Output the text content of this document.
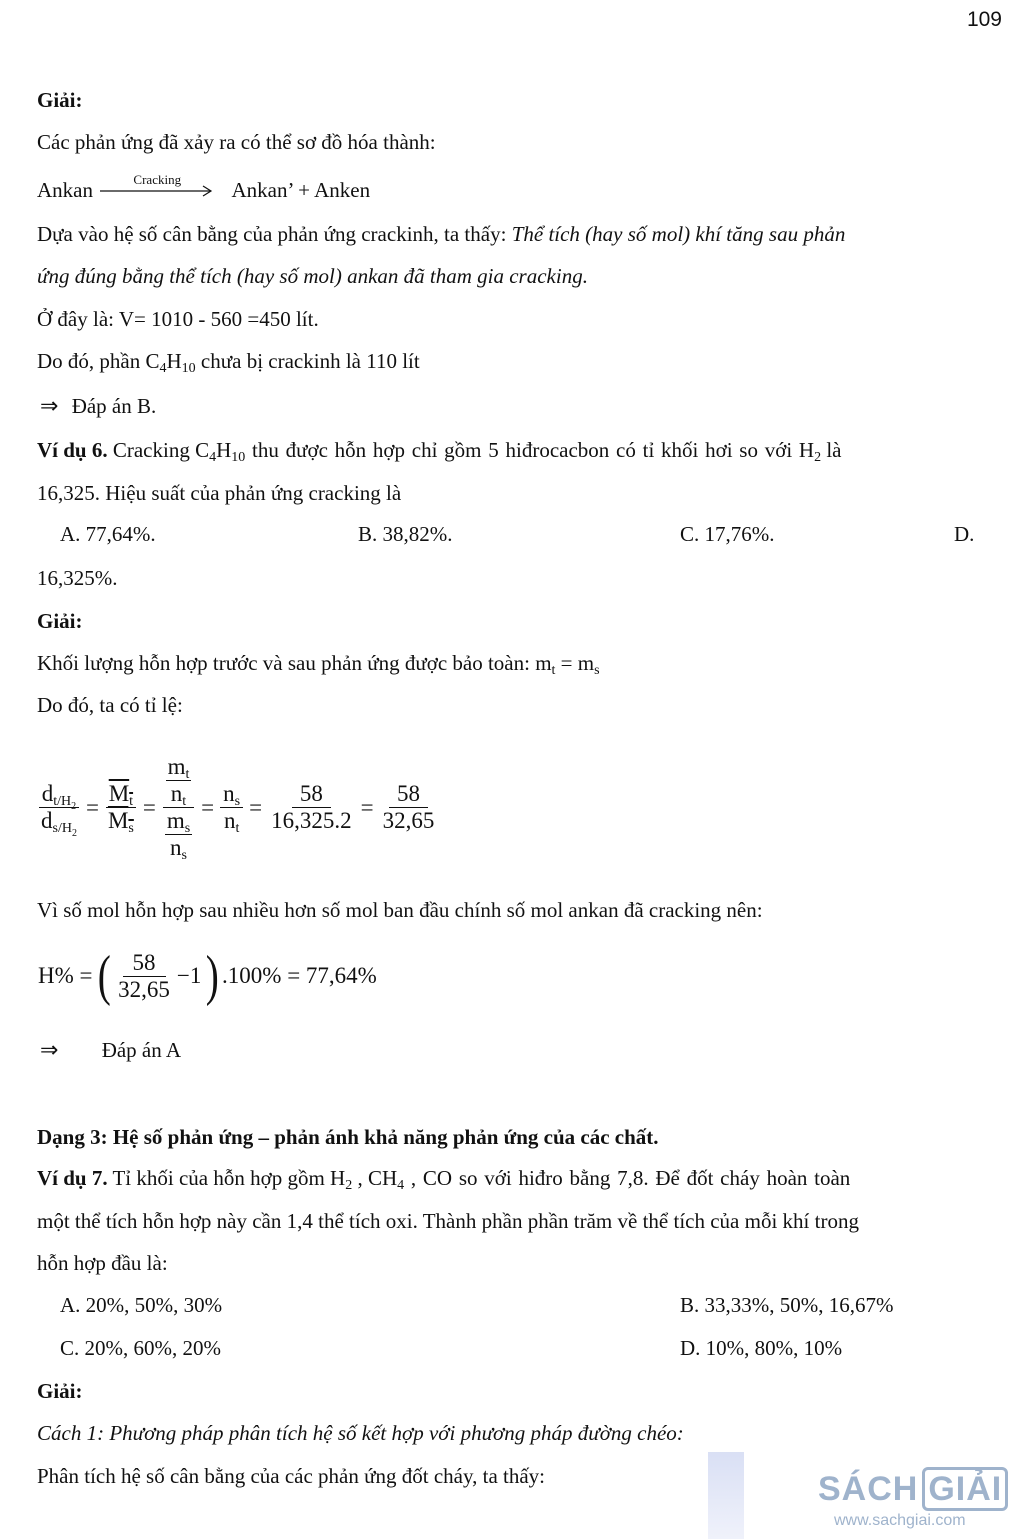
109
Giải:
Các phản ứng đã xảy ra có thể sơ đồ hóa thành:
Ankan	Cracking	Ankan’ + Anken
Dựa vào hệ số cân bằng của phản ứng crackinh, ta thấy: Thể tích (hay số mol) khí tăng sau phản
ứng đúng bằng thể tích (hay số mol) ankan đã tham gia cracking.
Ở đây là: V= 1010 - 560 =450 lít.
Do đó, phần $C_4H_{10}$ chưa bị crackinh là 110 lít
⇒ Đáp án B.
Ví dụ 6. Cracking $C_4H_{10}$ thu được hỗn hợp chỉ gồm 5 hiđrocacbon có tỉ khối hơi so với $H_2$ là
16,325. Hiệu suất của phản ứng cracking là
A. 77,64%.	B. 38,82%.	C. 17,76%.	D.
16,325%.
Giải:
Khối lượng hỗn hợp trước và sau phản ứng được bảo toàn: $m_t = m_s$
Do đó, ta có tỉ lệ:
$\frac{d_{t/H2}}{d_{s/H2}} = \frac{M_t}{M_s} = m_t$
$n_t$
$m_s$
$n_s = \frac{n_s}{n_t} = \frac{58}{16,325.2} = \frac{58}{32,65}$
Vì số mol hỗn hợp sau nhiều hơn số mol ban đầu chính số mol ankan đã cracking nên:
H% = ( $\frac{58}{32,65} -1$ ) .100% = 77,64%
⇒ Đáp án A
Dạng 3: Hệ số phản ứng – phản ánh khả năng phản ứng của các chất.
Ví dụ 7. Tỉ khối của hỗn hợp gồm $H_2$ , $CH_4$ , CO so với hiđro bằng 7,8. Để đốt cháy hoàn toàn
một thể tích hỗn hợp này cần 1,4 thể tích oxi. Thành phần phần trăm về thể tích của mỗi khí trong
hỗn hợp đầu là:
A. 20%, 50%, 30%	B. 33,33%, 50%, 16,67%
C. 20%, 60%, 20%	D. 10%, 80%, 10%
Giải:
Cách 1: Phương pháp phân tích hệ số kết hợp với phương pháp đường chéo:
Phân tích hệ số cân bằng của các phản ứng đốt cháy, ta thấy:	SÁCH GIẢI
www.sachgiai.com
